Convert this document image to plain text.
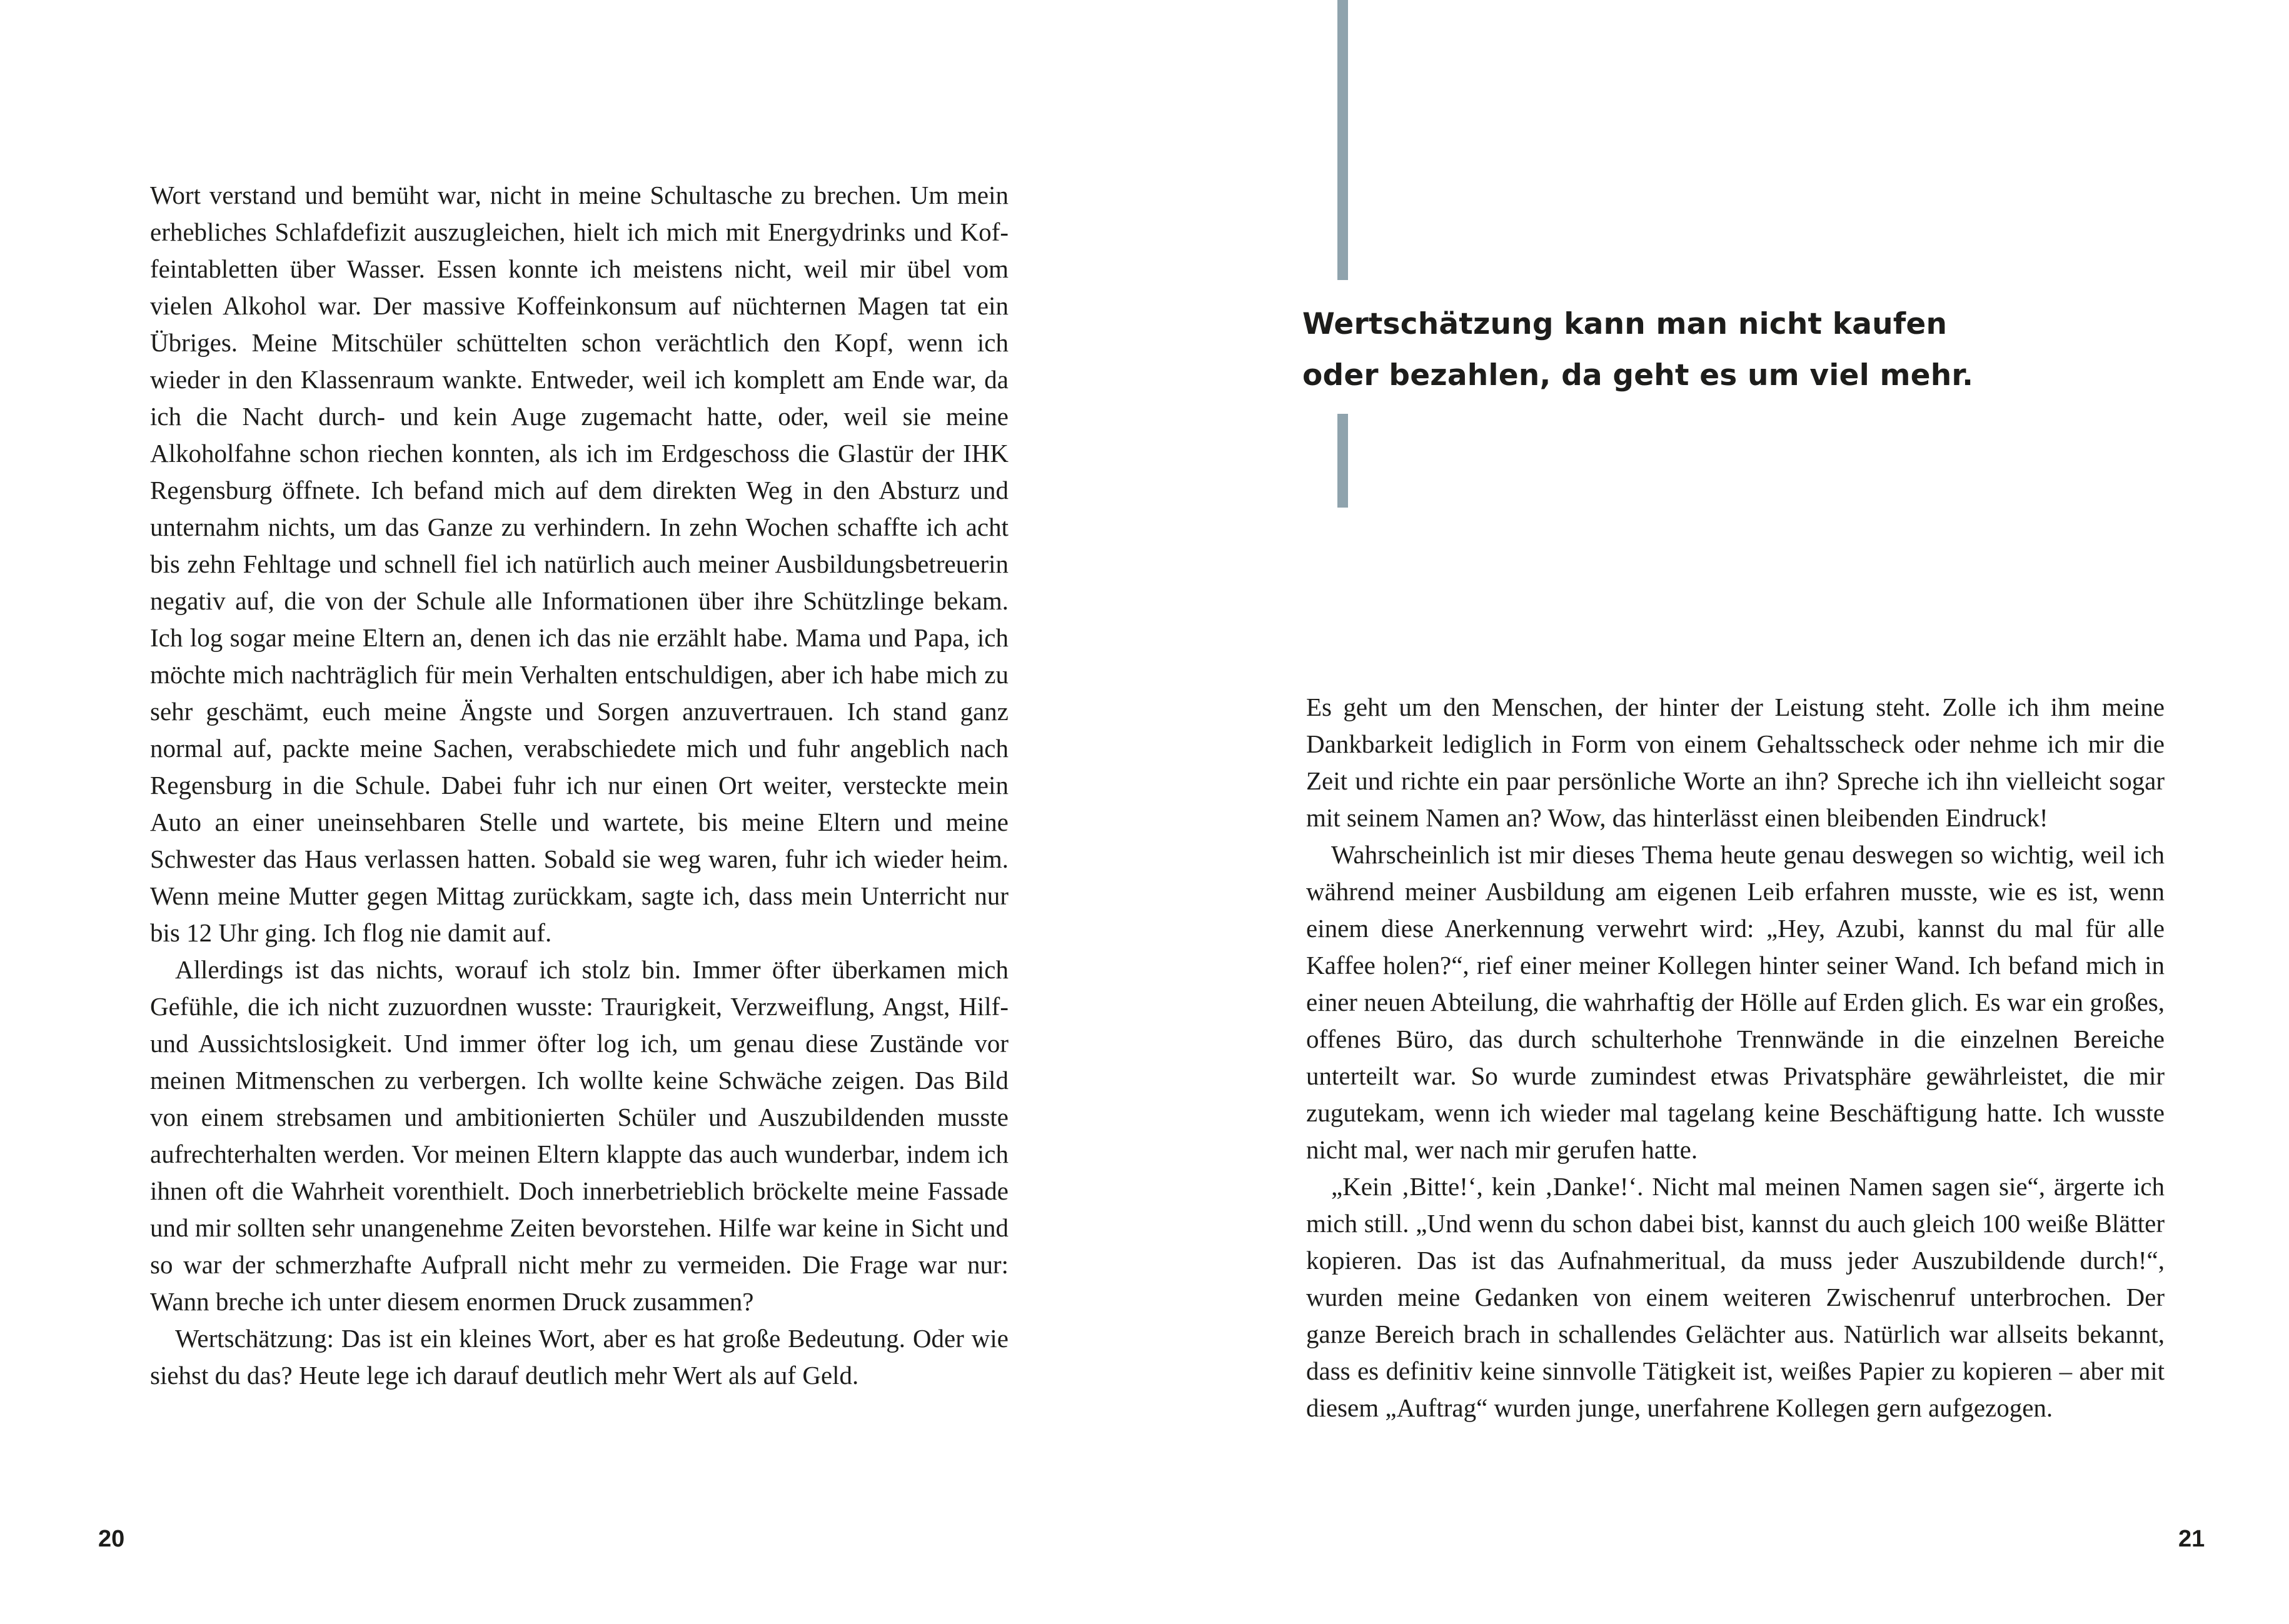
Wort verstand und bemüht war, nicht in meine Schultasche zu brechen. Um mein erhebliches Schlafdefizit auszugleichen, hielt ich mich mit Energydrinks und Koffeintabletten über Wasser. Essen konnte ich meistens nicht, weil mir übel vom vielen Alkohol war. Der massive Koffeinkonsum auf nüchternen Magen tat ein Übriges. Meine Mitschüler schüttelten schon verächtlich den Kopf, wenn ich wieder in den Klassenraum wankte. Entweder, weil ich komplett am Ende war, da ich die Nacht durch- und kein Auge zugemacht hatte, oder, weil sie meine Alkoholfahne schon riechen konnten, als ich im Erdgeschoss die Glastür der IHK Regensburg öffnete. Ich befand mich auf dem direkten Weg in den Absturz und unternahm nichts, um das Ganze zu verhindern. In zehn Wochen schaffte ich acht bis zehn Fehltage und schnell fiel ich natürlich auch meiner Ausbildungsbetreuerin negativ auf, die von der Schule alle Informationen über ihre Schützlinge bekam. Ich log sogar meine Eltern an, denen ich das nie erzählt habe. Mama und Papa, ich möchte mich nachträglich für mein Verhalten entschuldigen, aber ich habe mich zu sehr geschämt, euch meine Ängste und Sorgen anzuvertrauen. Ich stand ganz normal auf, packte meine Sachen, verabschiedete mich und fuhr angeblich nach Regensburg in die Schule. Dabei fuhr ich nur einen Ort weiter, versteckte mein Auto an einer uneinsehbaren Stelle und wartete, bis meine Eltern und meine Schwester das Haus verlassen hatten. Sobald sie weg waren, fuhr ich wieder heim. Wenn meine Mutter gegen Mittag zurückkam, sagte ich, dass mein Unterricht nur bis 12 Uhr ging. Ich flog nie damit auf.

Allerdings ist das nichts, worauf ich stolz bin. Immer öfter überkamen mich Gefühle, die ich nicht zuzuordnen wusste: Traurigkeit, Verzweiflung, Angst, Hilf- und Aussichtslosigkeit. Und immer öfter log ich, um genau diese Zustände vor meinen Mitmenschen zu verbergen. Ich wollte keine Schwäche zeigen. Das Bild von einem strebsamen und ambitionierten Schüler und Auszubildenden musste aufrechterhalten werden. Vor meinen Eltern klappte das auch wunderbar, indem ich ihnen oft die Wahrheit vorenthielt. Doch innerbetrieblich bröckelte meine Fassade und mir sollten sehr unangenehme Zeiten bevorstehen. Hilfe war keine in Sicht und so war der schmerzhafte Aufprall nicht mehr zu vermeiden. Die Frage war nur: Wann breche ich unter diesem enormen Druck zusammen?

Wertschätzung: Das ist ein kleines Wort, aber es hat große Bedeutung. Oder wie siehst du das? Heute lege ich darauf deutlich mehr Wert als auf Geld.

20

Wertschätzung kann man nicht kaufen

oder bezahlen, da geht es um viel mehr.

Es geht um den Menschen, der hinter der Leistung steht. Zolle ich ihm meine Dankbarkeit lediglich in Form von einem Gehaltsscheck oder nehme ich mir die Zeit und richte ein paar persönliche Worte an ihn? Spreche ich ihn vielleicht sogar mit seinem Namen an? Wow, das hinterlässt einen bleibenden Eindruck!

Wahrscheinlich ist mir dieses Thema heute genau deswegen so wichtig, weil ich während meiner Ausbildung am eigenen Leib erfahren musste, wie es ist, wenn einem diese Anerkennung verwehrt wird: „Hey, Azubi, kannst du mal für alle Kaffee holen?“, rief einer meiner Kollegen hinter seiner Wand. Ich befand mich in einer neuen Abteilung, die wahrhaftig der Hölle auf Erden glich. Es war ein großes, offenes Büro, das durch schulterhohe Trennwände in die einzelnen Bereiche unterteilt war. So wurde zumindest etwas Privatsphäre gewährleistet, die mir zugutekam, wenn ich wieder mal tagelang keine Beschäftigung hatte. Ich wusste nicht mal, wer nach mir gerufen hatte.

„Kein ‚Bitte!‘, kein ‚Danke!‘. Nicht mal meinen Namen sagen sie“, ärgerte ich mich still. „Und wenn du schon dabei bist, kannst du auch gleich 100 weiße Blätter kopieren. Das ist das Aufnahmeritual, da muss jeder Auszubildende durch!“, wurden meine Gedanken von einem weiteren Zwischenruf unterbrochen. Der ganze Bereich brach in schallendes Gelächter aus. Natürlich war allseits bekannt, dass es definitiv keine sinnvolle Tätigkeit ist, weißes Papier zu kopieren – aber mit diesem „Auftrag“ wurden junge, unerfahrene Kollegen gern aufgezogen.

21
